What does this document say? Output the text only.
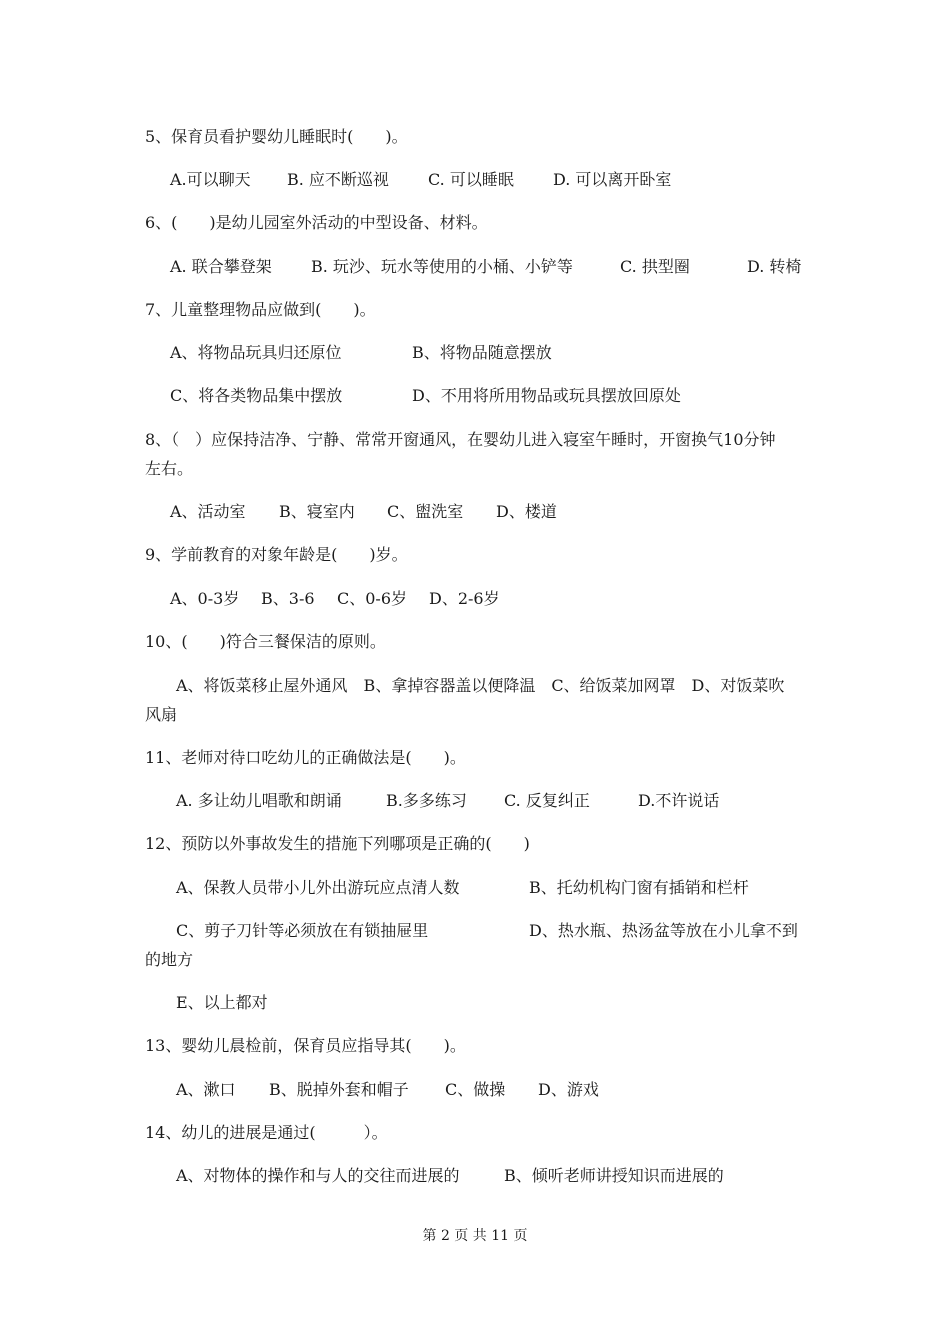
5、保育员看护婴幼儿睡眠时(　　)。
A.可以聊天 B. 应不断巡视 C. 可以睡眠 D. 可以离开卧室
6、(　　)是幼儿园室外活动的中型设备、材料。
A. 联合攀登架 B. 玩沙、玩水等使用的小桶、小铲等	C. 拱型圈	D. 转椅
7、儿童整理物品应做到(　　)。
A、将物品玩具归还原位	B、将物品随意摆放
C、将各类物品集中摆放	D、不用将所用物品或玩具摆放回原处
8、（　）应保持洁净、宁静、常常开窗通风，在婴幼儿进入寝室午睡时，开窗换气10分钟
左右。
A、活动室 B、寝室内 C、盥洗室 D、楼道
9、学前教育的对象年龄是(　　)岁。
A、0-3岁 B、3-6 C、0-6岁 D、2-6岁
10、(　　)符合三餐保洁的原则。
A、将饭菜移止屋外通风　B、拿掉容器盖以便降温　C、给饭菜加网罩　D、对饭菜吹
风扇
11、老师对待口吃幼儿的正确做法是(　　)。
A. 多让幼儿唱歌和朗诵	B.多多练习 C. 反复纠正	D.不许说话
12、预防以外事故发生的措施下列哪项是正确的(　　)
A、保教人员带小儿外出游玩应点清人数	B、托幼机构门窗有插销和栏杆
C、剪子刀针等必须放在有锁抽屉里	D、热水瓶、热汤盆等放在小儿拿不到
的地方
E、以上都对
13、婴幼儿晨检前，保育员应指导其(　　)。
A、漱口 B、脱掉外套和帽子 C、做操 D、游戏
14、幼儿的进展是通过(　　　）。
A、对物体的操作和与人的交往而进展的	B、倾听老师讲授知识而进展的
第 2 页 共 11 页
